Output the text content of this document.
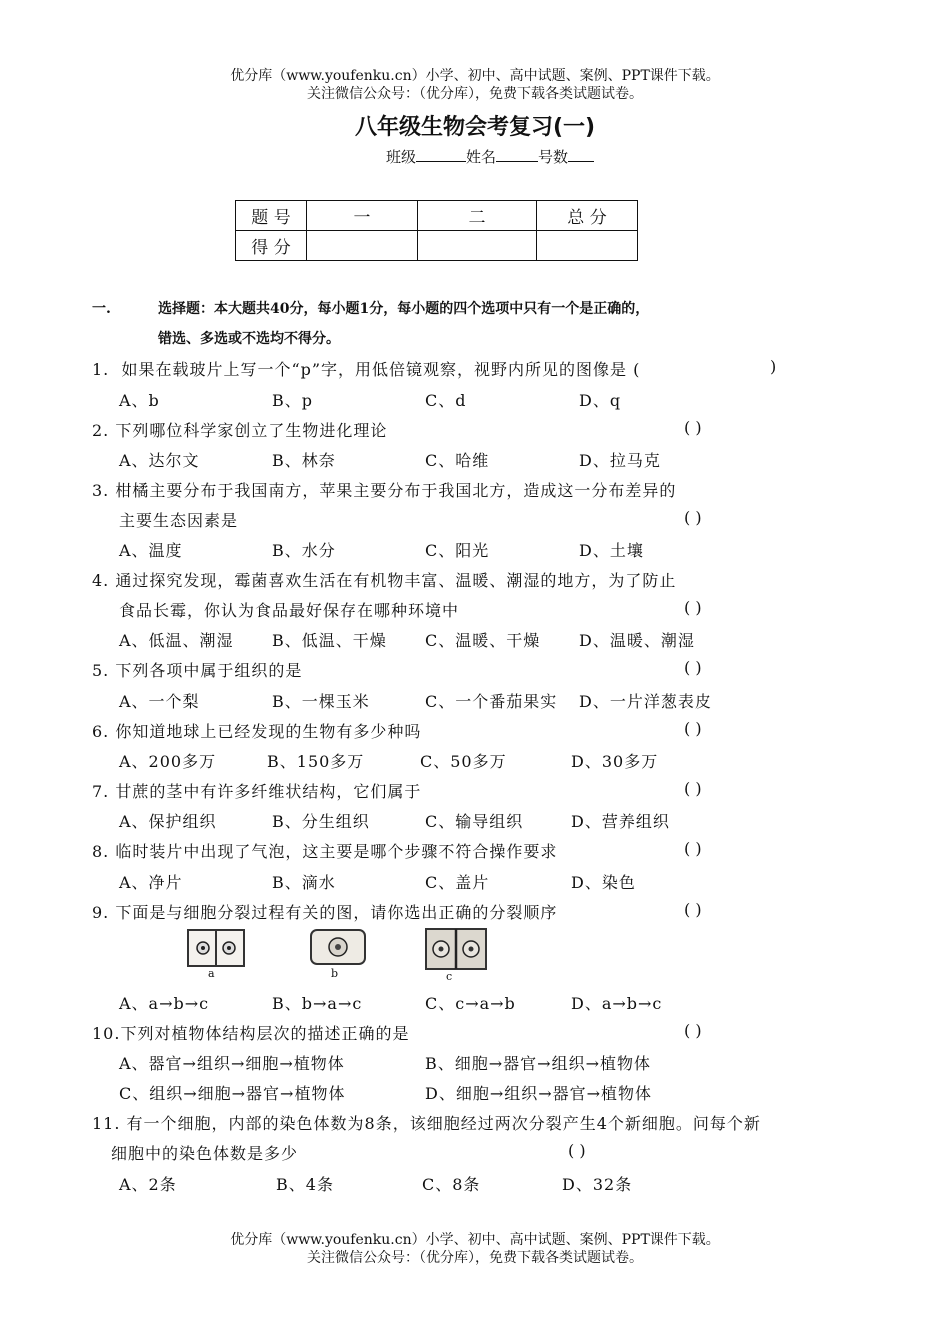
优分库（www.youfenku.cn）小学、初中、高中试题、案例、PPT课件下载。
关注微信公众号：（优分库），免费下载各类试题试卷。
八年级生物会考复习(一)
班级	姓名	号数
题 号	一	二	总 分
得 分			
一.	选择题：本大题共40分，每小题1分，每小题的四个选项中只有一个是正确的，
错选、多选或不选均不得分。
1.  如果在载玻片上写一个“p”字，用低倍镜观察，视野内所见的图像是 (	)
A、b	B、p	C、d	D、q
2. 下列哪位科学家创立了生物进化理论	( )
A、达尔文	B、林奈	C、哈维	D、拉马克
3. 柑橘主要分布于我国南方，苹果主要分布于我国北方，造成这一分布差异的
主要生态因素是	( )
A、温度	B、水分	C、阳光	D、土壤
4. 通过探究发现，霉菌喜欢生活在有机物丰富、温暖、潮湿的地方，为了防止
食品长霉，你认为食品最好保存在哪种环境中	( )
A、低温、潮湿 B、低温、干燥 C、温暖、干燥 D、温暖、潮湿
5. 下列各项中属于组织的是	( )
A、一个梨	B、一棵玉米	C、一个番茄果实 D、一片洋葱表皮
6. 你知道地球上已经发现的生物有多少种吗	( )
A、200多万	B、150多万	C、50多万	D、30多万
7. 甘蔗的茎中有许多纤维状结构，它们属于	( )
A、保护组织	B、分生组织	C、输导组织	D、营养组织
8. 临时装片中出现了气泡，这主要是哪个步骤不符合操作要求	( )
A、净片	B、滴水	C、盖片	D、染色
9. 下面是与细胞分裂过程有关的图，请你选出正确的分裂顺序	( )
a	b	c
A、a→b→c	B、b→a→c	C、c→a→b	D、a→b→c
10.下列对植物体结构层次的描述正确的是	( )
A、器官→组织→细胞→植物体	B、细胞→器官→组织→植物体
C、组织→细胞→器官→植物体	D、细胞→组织→器官→植物体
11. 有一个细胞，内部的染色体数为8条，该细胞经过两次分裂产生4个新细胞。问每个新
细胞中的染色体数是多少	( )
A、2条	B、4条	C、8条	D、32条
优分库（www.youfenku.cn）小学、初中、高中试题、案例、PPT课件下载。
关注微信公众号：（优分库），免费下载各类试题试卷。
